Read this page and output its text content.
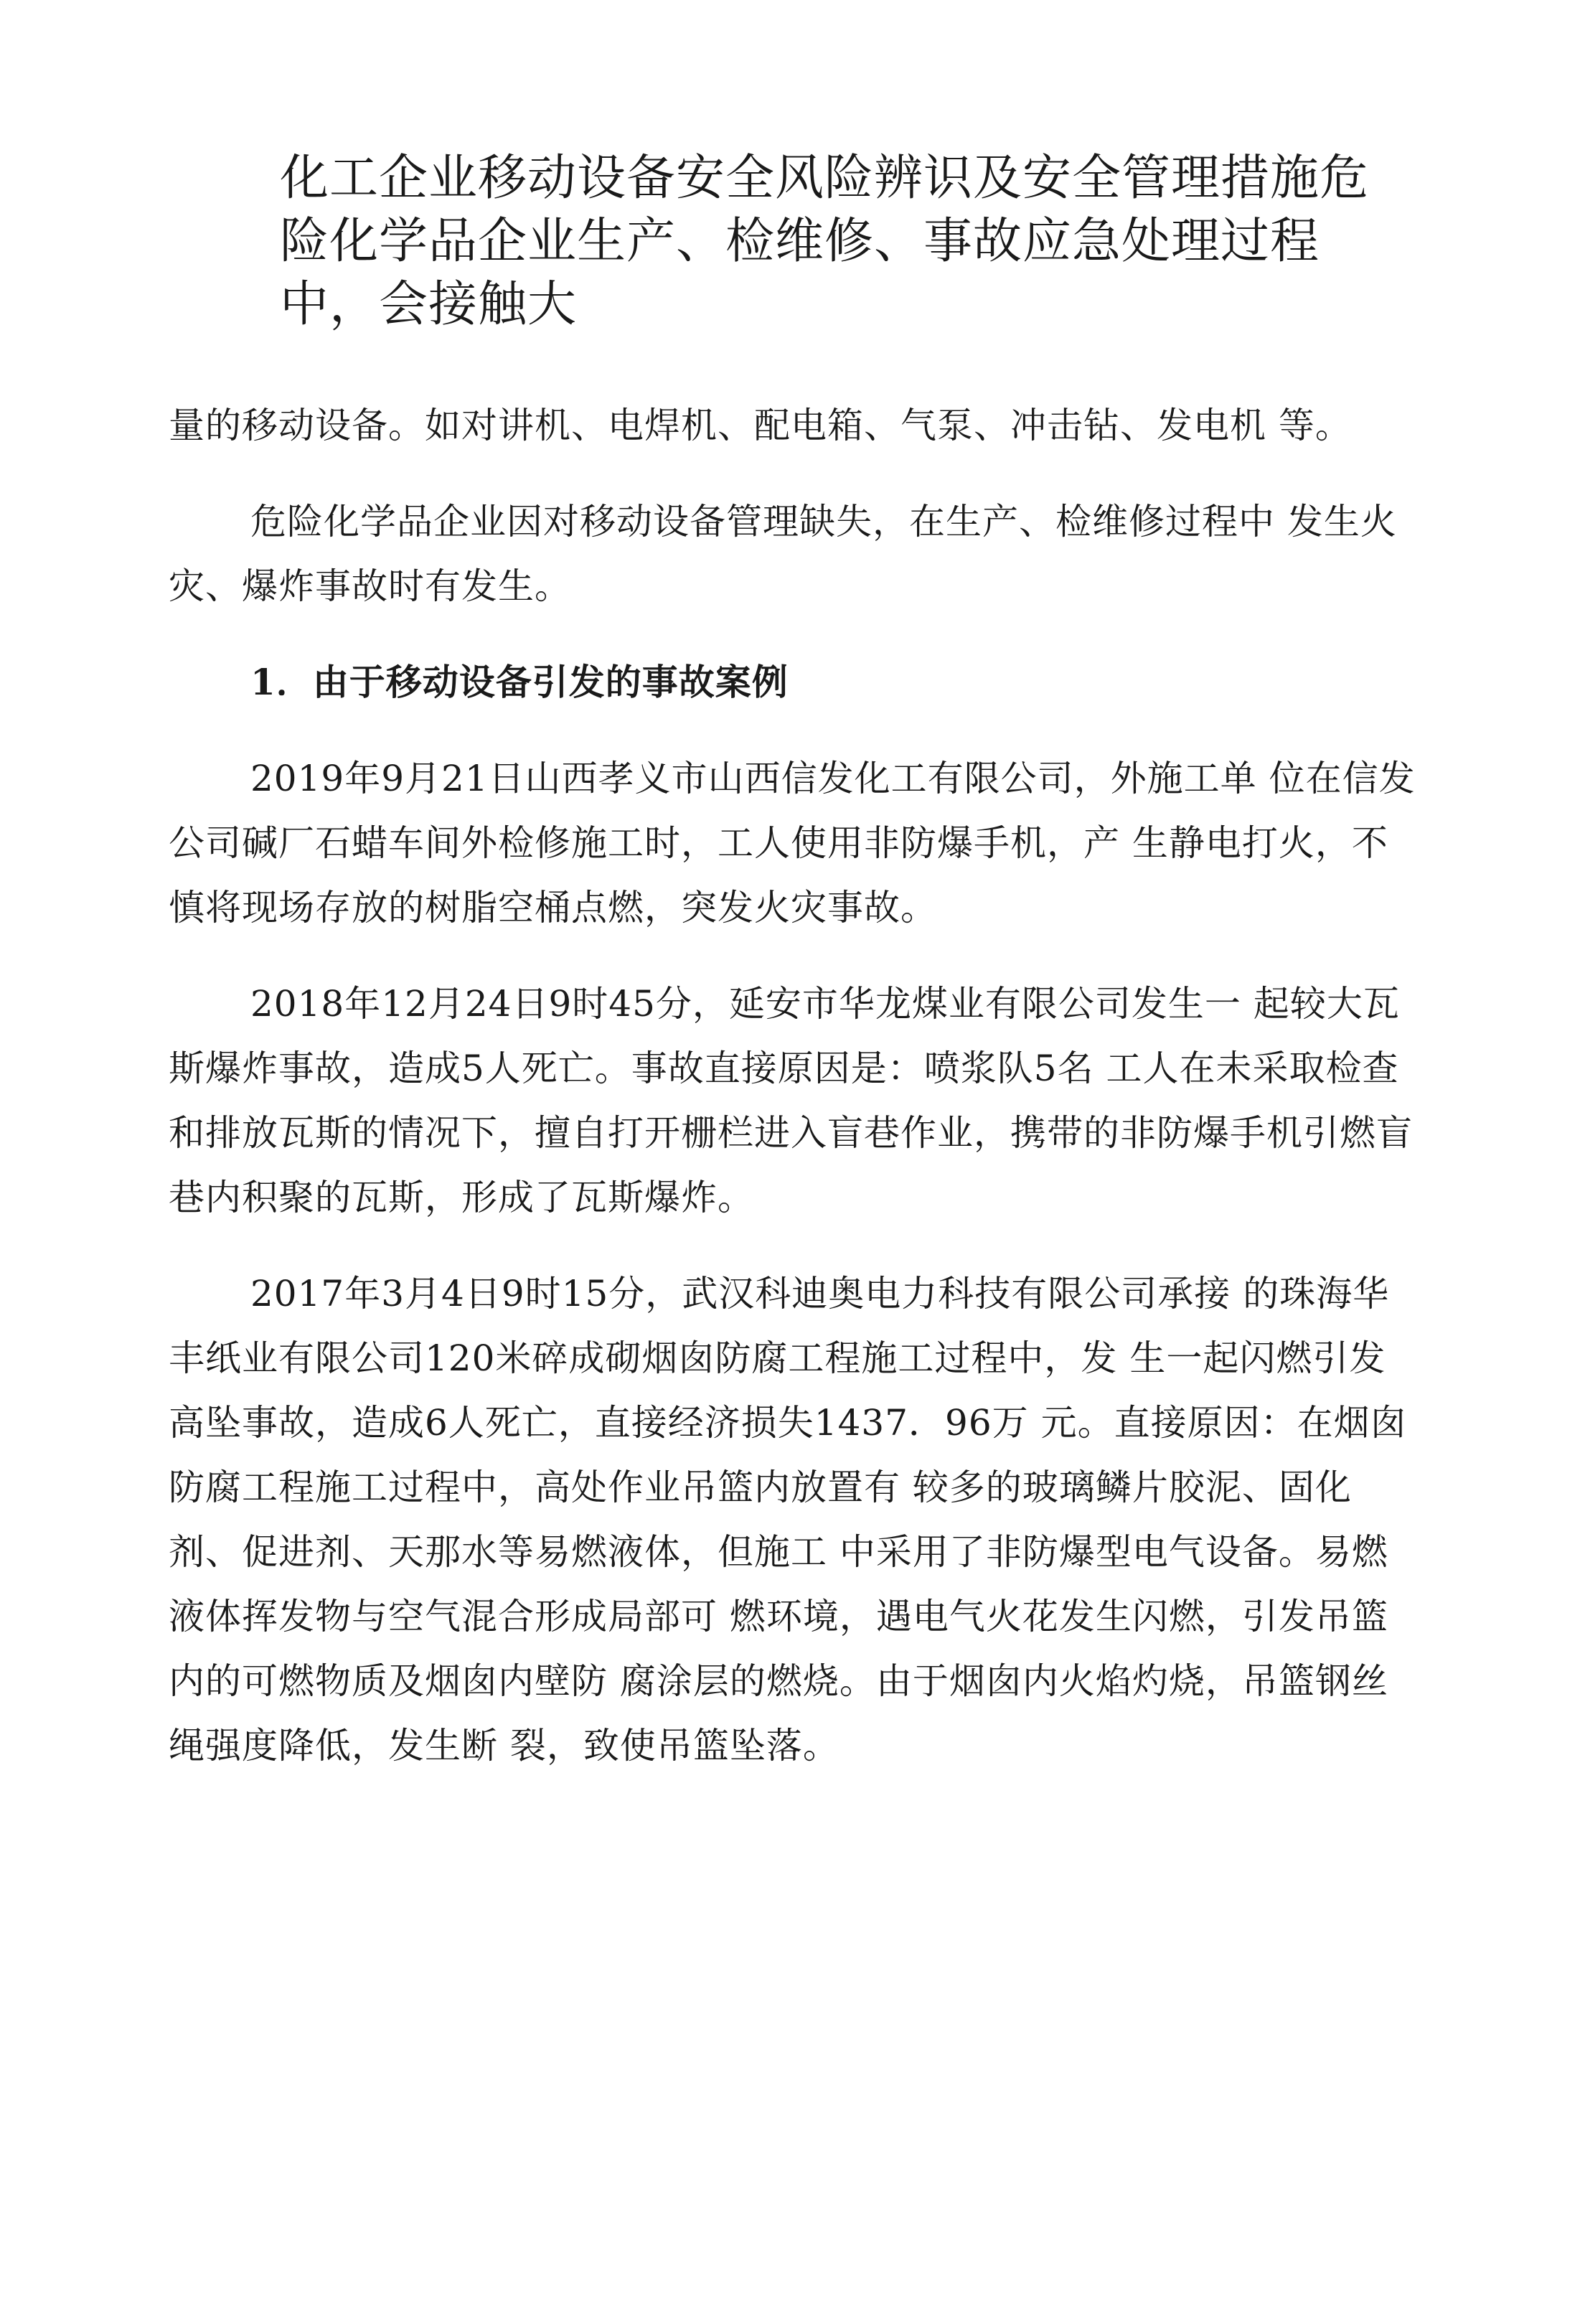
化工企业移动设备安全风险辨识及安全管理措施危险化学品企业生产、检维修、事故应急处理过程中，会接触大

量的移动设备。如对讲机、电焊机、配电箱、气泵、冲击钻、发电机 等。

危险化学品企业因对移动设备管理缺失，在生产、检维修过程中 发生火灾、爆炸事故时有发生。

1．由于移动设备引发的事故案例

2019年9月21日山西孝义市山西信发化工有限公司，外施工单 位在信发公司碱厂石蜡车间外检修施工时，工人使用非防爆手机，产 生静电打火，不慎将现场存放的树脂空桶点燃，突发火灾事故。

2018年12月24日9时45分，延安市华龙煤业有限公司发生一 起较大瓦斯爆炸事故，造成5人死亡。事故直接原因是：喷浆队5名 工人在未采取检查和排放瓦斯的情况下，擅自打开栅栏进入盲巷作业，携带的非防爆手机引燃盲巷内积聚的瓦斯，形成了瓦斯爆炸。

2017年3月4日9时15分，武汉科迪奥电力科技有限公司承接 的珠海华丰纸业有限公司120米碎成砌烟囱防腐工程施工过程中，发 生一起闪燃引发高坠事故，造成6人死亡，直接经济损失1437．96万 元。直接原因：在烟囱防腐工程施工过程中，高处作业吊篮内放置有 较多的玻璃鳞片胶泥、固化剂、促进剂、天那水等易燃液体，但施工 中采用了非防爆型电气设备。易燃液体挥发物与空气混合形成局部可 燃环境，遇电气火花发生闪燃，引发吊篮内的可燃物质及烟囱内壁防 腐涂层的燃烧。由于烟囱内火焰灼烧，吊篮钢丝绳强度降低，发生断 裂，致使吊篮坠落。
